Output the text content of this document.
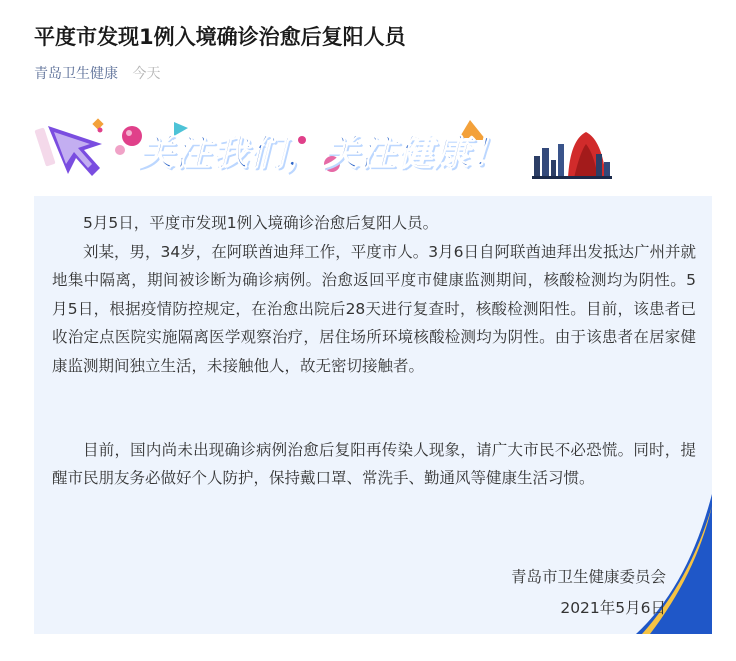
平度市发现1例入境确诊治愈后复阳人员
青岛卫生健康 今天
关注我们，关注健康！

5月5日，平度市发现1例入境确诊治愈后复阳人员。

刘某，男，34岁，在阿联酋迪拜工作，平度市人。3月6日自阿联酋迪拜出发抵达广州并就地集中隔离，期间被诊断为确诊病例。治愈返回平度市健康监测期间，核酸检测均为阴性。5月5日，根据疫情防控规定，在治愈出院后28天进行复查时，核酸检测阳性。目前，该患者已收治定点医院实施隔离医学观察治疗，居住场所环境核酸检测均为阴性。由于该患者在居家健康监测期间独立生活，未接触他人，故无密切接触者。

目前，国内尚未出现确诊病例治愈后复阳再传染人现象，请广大市民不必恐慌。同时，提醒市民朋友务必做好个人防护，保持戴口罩、常洗手、勤通风等健康生活习惯。

青岛市卫生健康委员会
2021年5月6日
